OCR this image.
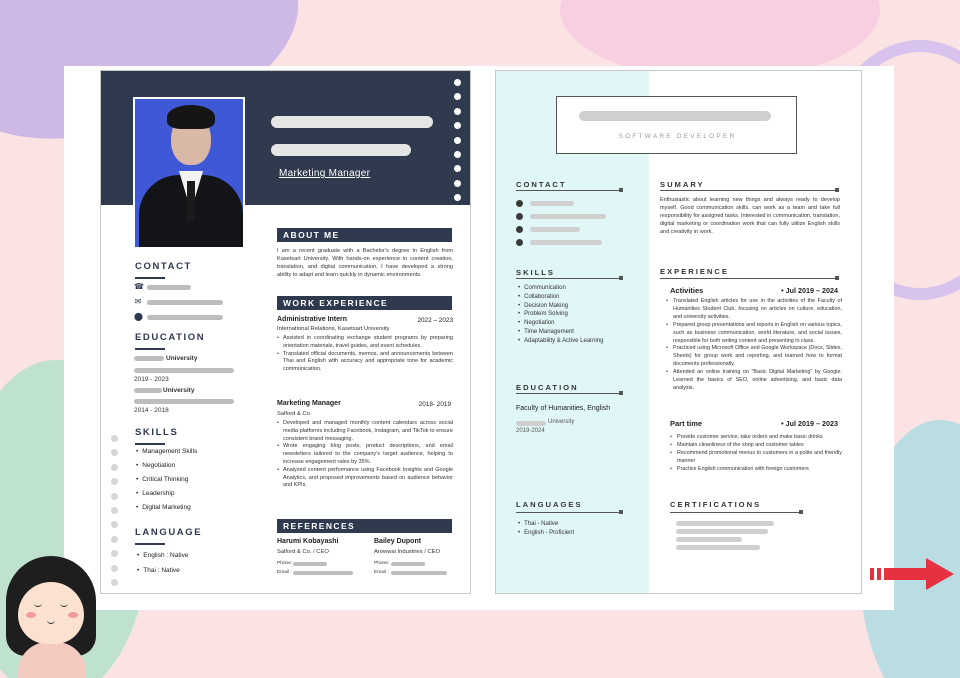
Marketing Manager
CONTACT
☎
✉
⬤
EDUCATION
University
2019 - 2023
University
2014 - 2018
SKILLS
• Management Skills
• Negotiation
• Critical Thinking
• Leadership
• Digital Marketing
LANGUAGE
• English : Native
• Thai : Native
ABOUT ME
I am a recent graduate with a Bachelor's degree in English from Kasetsart University. With hands-on experience in content creation, translation, and digital communication, I have developed a strong ability to adapt and learn quickly in dynamic environments.
WORK EXPERIENCE
Administrative Intern	2022 – 2023
International Relations, Kasetsart University
• Assisted in coordinating exchange student programs by preparing orientation materials, travel guides, and event schedules.
• Translated official documents, memos, and announcements between Thai and English with accuracy and appropriate tone for academic communication.
Marketing Manager	2018- 2019
Salford & Co.
• Developed and managed monthly content calendars across social media platforms including Facebook, Instagram, and TikTok to ensure consistent brand messaging.
• Wrote engaging blog posts, product descriptions, and email newsletters tailored to the company's target audience, helping to increase engagement rates by 35%.
• Analyzed content performance using Facebook Insights and Google Analytics, and proposed improvements based on audience behavior and KPIs.
REFERENCES
Harumi Kobayashi
Salford & Co. / CEO
Phone:
Email :
Bailey Dupont
Arowwai Industries / CEO
Phone:
Email :
SOFTWARE DEVELOPER
CONTACT
SKILLS
• Communication
• Collaboration
• Decision Making
• Problem Solving
• Negotiation
• Time Management
• Adaptability & Active Learning
EDUCATION
Faculty of Humanities, English
University
2019-2024
LANGUAGES
• Thai - Native
• English - Proficient
SUMARY
Enthusiastic about learning new things and always ready to develop myself. Good communication skills, can work as a team and take full responsibility for assigned tasks. Interested in communication, translation, digital marketing or coordination work that can fully utilize English skills and creativity in work.
EXPERIENCE
Activities	• Jul 2019 – 2024
• Translated English articles for use in the activities of the Faculty of Humanities Student Club, focusing on articles on culture, education, and university activities.
• Prepared group presentations and reports in English on various topics, such as business communication, world literature, and social issues, responsible for both writing content and presenting in class.
• Practiced using Microsoft Office and Google Workspace (Docs, Slides, Sheets) for group work and reporting, and learned how to format documents professionally.
• Attended an online training on "Basic Digital Marketing" by Google. Learned the basics of SEO, online advertising, and basic data analysis.
Part time	• Jul 2019 – 2023
• Provide customer service, take orders and make basic drinks
• Maintain cleanliness of the shop and customer tables
• Recommend promotional menus to customers in a polite and friendly manner
• Practice English communication with foreign customers
CERTIFICATIONS
